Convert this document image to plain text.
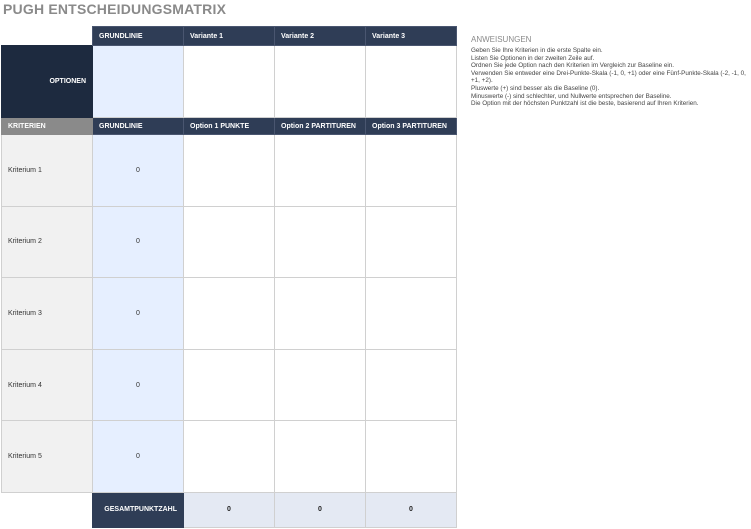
PUGH ENTSCHEIDUNGSMATRIX
	GRUNDLINIE	Variante 1	Variante 2	Variante 3
OPTIONEN				
KRITERIEN	GRUNDLINIE	Option 1 PUNKTE	Option 2 PARTITUREN	Option 3 PARTITUREN
Kriterium 1	0			
Kriterium 2	0			
Kriterium 3	0			
Kriterium 4	0			
Kriterium 5	0			
	GESAMTPUNKTZAHL	0	0	0
ANWEISUNGEN
Geben Sie Ihre Kriterien in die erste Spalte ein.
Listen Sie Optionen in der zweiten Zeile auf.
Ordnen Sie jede Option nach den Kriterien im Vergleich zur Baseline ein.
Verwenden Sie entweder eine Drei-Punkte-Skala (-1, 0, +1) oder eine Fünf-Punkte-Skala (-2, -1, 0, +1, +2).
Pluswerte (+) sind besser als die Baseline (0).
Minuswerte (-) sind schlechter, und Nullwerte entsprechen der Baseline.
Die Option mit der höchsten Punktzahl ist die beste, basierend auf Ihren Kriterien.
